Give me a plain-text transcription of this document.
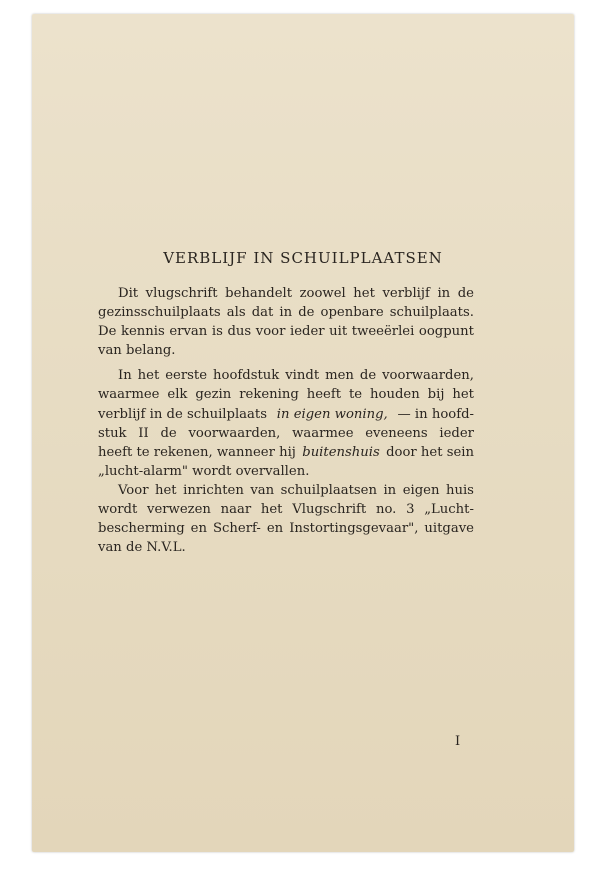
VERBLIJF IN SCHUILPLAATSEN
Dit vlugschrift behandelt zoowel het verblijf in de
gezinsschuilplaats als dat in de openbare schuilplaats.
De kennis ervan is dus voor ieder uit tweeërlei oogpunt
van belang.
In het eerste hoofdstuk vindt men de voorwaarden,
waarmee elk gezin rekening heeft te houden bij het
verblijf in de schuilplaats in eigen woning, — in hoofd-
stuk II de voorwaarden, waarmee eveneens ieder
heeft te rekenen, wanneer hij buitenshuis door het sein
„lucht-alarm" wordt overvallen.
Voor het inrichten van schuilplaatsen in eigen huis
wordt verwezen naar het Vlugschrift no. 3 „Lucht-
bescherming en Scherf- en Instortingsgevaar", uitgave
van de N.V.L.
I
